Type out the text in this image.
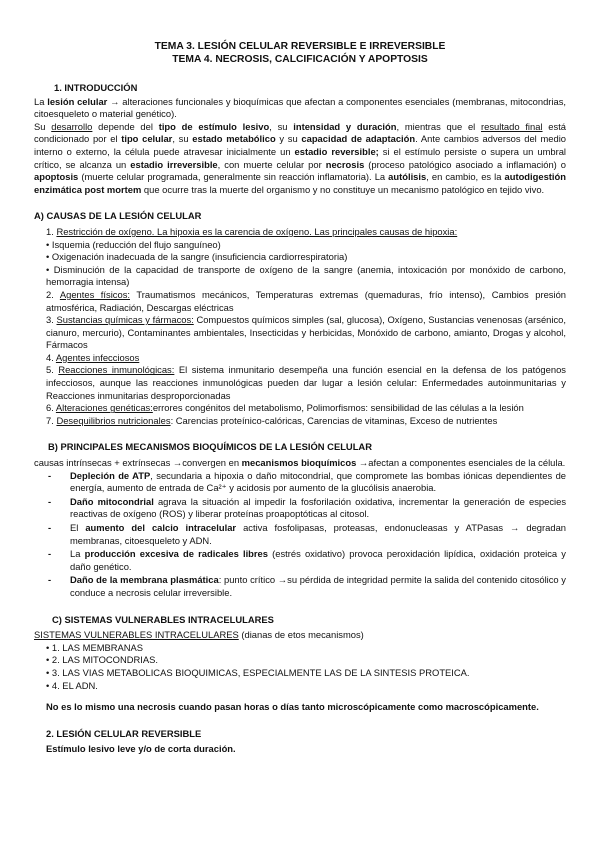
TEMA 3. LESIÓN CELULAR REVERSIBLE E IRREVERSIBLE
TEMA 4. NECROSIS, CALCIFICACIÓN Y APOPTOSIS
1. INTRODUCCIÓN

La lesión celular → alteraciones funcionales y bioquímicas que afectan a componentes esenciales (membranas, mitocondrias, citoesqueleto o material genético).

Su desarrollo depende del tipo de estímulo lesivo, su intensidad y duración, mientras que el resultado final está condicionado por el tipo celular, su estado metabólico y su capacidad de adaptación. Ante cambios adversos del medio interno o externo, la célula puede atravesar inicialmente un estadio reversible; si el estímulo persiste o supera un umbral crítico, se alcanza un estadio irreversible, con muerte celular por necrosis (proceso patológico asociado a inflamación) o apoptosis (muerte celular programada, generalmente sin reacción inflamatoria). La autólisis, en cambio, es la autodigestión enzimática post mortem que ocurre tras la muerte del organismo y no constituye un mecanismo patológico en tejido vivo.

A) CAUSAS DE LA LESIÓN CELULAR

1. Restricción de oxígeno. La hipoxia es la carencia de oxígeno. Las principales causas de hipoxia:

• Isquemia (reducción del flujo sanguíneo)

• Oxigenación inadecuada de la sangre (insuficiencia cardiorrespiratoria)

• Disminución de la capacidad de transporte de oxígeno de la sangre (anemia, intoxicación por monóxido de carbono, hemorragia intensa)

2. Agentes físicos: Traumatismos mecánicos, Temperaturas extremas (quemaduras, frío intenso), Cambios presión atmosférica, Radiación, Descargas eléctricas

3. Sustancias químicas y fármacos: Compuestos químicos simples (sal, glucosa), Oxígeno, Sustancias venenosas (arsénico, cianuro, mercurio), Contaminantes ambientales, Insecticidas y herbicidas, Monóxido de carbono, amianto, Drogas y alcohol, Fármacos

4. Agentes infecciosos

5. Reacciones inmunológicas: El sistema inmunitario desempeña una función esencial en la defensa de los patógenos infecciosos, aunque las reacciones inmunológicas pueden dar lugar a lesión celular: Enfermedades autoinmunitarias y Reacciones inmunitarias desproporcionadas

6. Alteraciones genéticas:errores congénitos del metabolismo, Polimorfismos: sensibilidad de las células a la lesión

7. Desequilibrios nutricionales: Carencias proteínico-calóricas, Carencias de vitaminas, Exceso de nutrientes

B) PRINCIPALES MECANISMOS BIOQUÍMICOS DE LA LESIÓN CELULAR

causas intrínsecas + extrínsecas →convergen en mecanismos bioquímicos →afectan a componentes esenciales de la célula.

-	Depleción de ATP, secundaria a hipoxia o daño mitocondrial, que compromete las bombas iónicas dependientes de energía, aumento de entrada de Ca²⁺ y acidosis por aumento de la glucólisis anaerobia.
-	Daño mitocondrial agrava la situación al impedir la fosforilación oxidativa, incrementar la generación de especies reactivas de oxígeno (ROS) y liberar proteínas proapoptóticas al citosol.
-	El aumento del calcio intracelular activa fosfolipasas, proteasas, endonucleasas y ATPasas → degradan membranas, citoesqueleto y ADN.
-	La producción excesiva de radicales libres (estrés oxidativo) provoca peroxidación lipídica, oxidación proteica y daño genético.
-	Daño de la membrana plasmática: punto crítico →su pérdida de integridad permite la salida del contenido citosólico y conduce a necrosis celular irreversible.
C) SISTEMAS VULNERABLES INTRACELULARES

SISTEMAS VULNERABLES INTRACELULARES (dianas de etos mecanismos)

• 1. LAS MEMBRANAS

• 2. LAS MITOCONDRIAS.

• 3. LAS VIAS METABOLICAS BIOQUIMICAS, ESPECIALMENTE LAS DE LA SINTESIS PROTEICA.

• 4. EL ADN.

No es lo mismo una necrosis cuando pasan horas o días tanto microscópicamente como macroscópicamente.

2. LESIÓN CELULAR REVERSIBLE

Estímulo lesivo leve y/o de corta duración.
